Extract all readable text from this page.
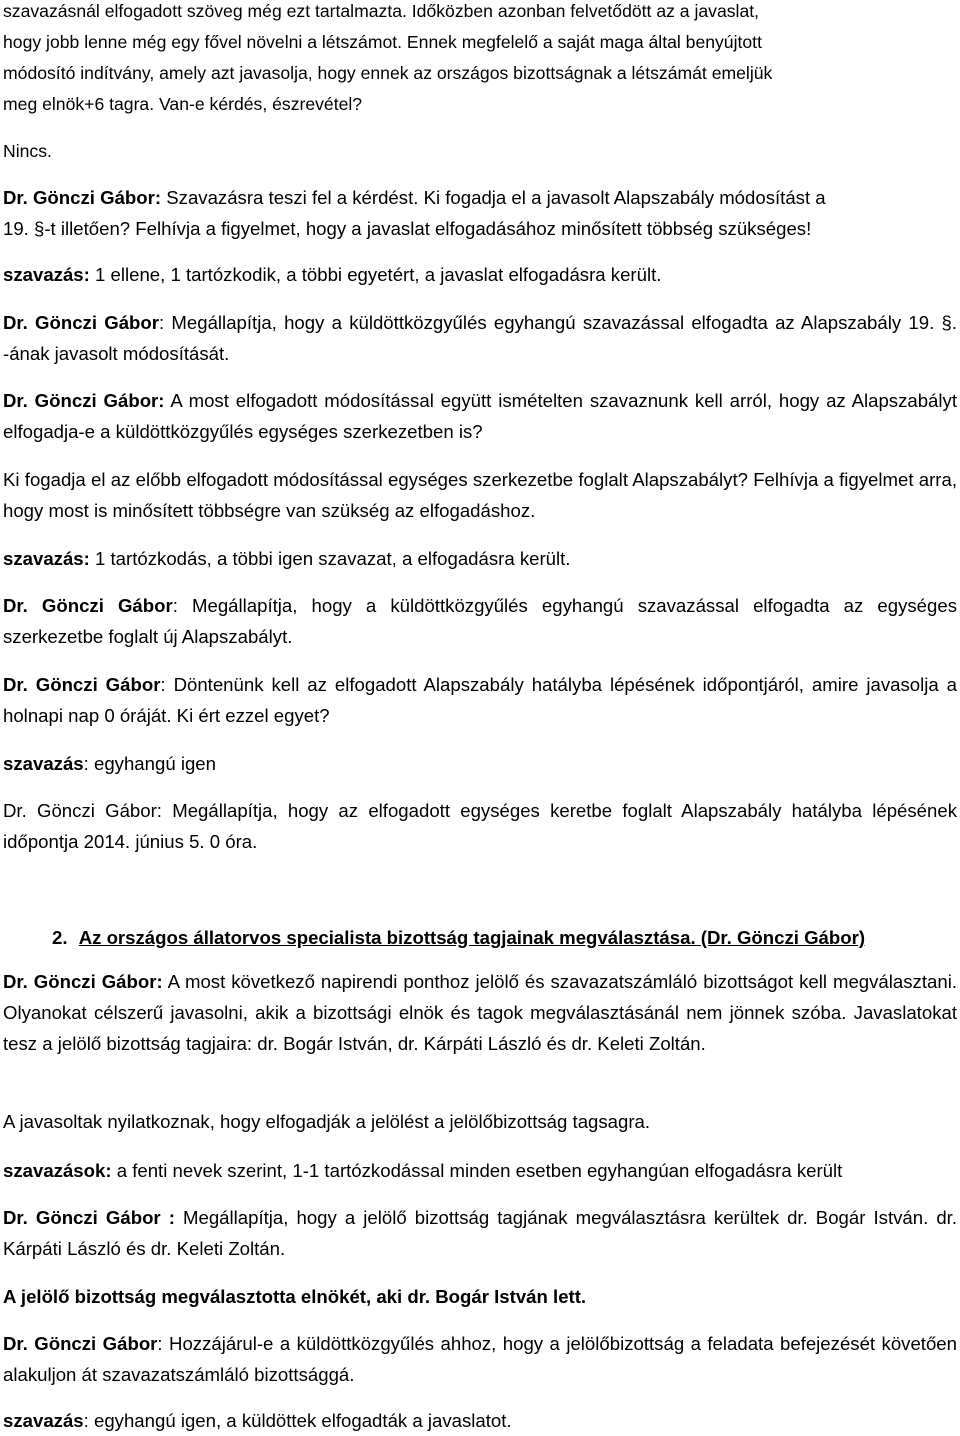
szavazásnál elfogadott szöveg még ezt tartalmazta. Időközben azonban felvetődött az a javaslat,
hogy jobb lenne még egy fővel növelni a létszámot. Ennek megfelelő a saját maga által benyújtott
módosító indítvány, amely azt javasolja, hogy ennek az országos bizottságnak a létszámát emeljük
meg elnök+6 tagra. Van-e kérdés, észrevétel?

Nincs.

Dr. Gönczi Gábor: Szavazásra teszi fel a kérdést. Ki fogadja el a javasolt Alapszabály módosítást a
19. §-t illetően? Felhívja a figyelmet, hogy a javaslat elfogadásához minősített többség szükséges!

szavazás: 1 ellene, 1 tartózkodik, a többi egyetért, a javaslat elfogadásra került.

Dr. Gönczi Gábor: Megállapítja, hogy a küldöttközgyűlés egyhangú szavazással elfogadta az Alapszabály 19. §. -ának javasolt módosítását.

Dr. Gönczi Gábor: A most elfogadott módosítással együtt ismételten szavaznunk kell arról, hogy az Alapszabályt elfogadja-e a küldöttközgyűlés egységes szerkezetben is?

Ki fogadja el az előbb elfogadott módosítással egységes szerkezetbe foglalt Alapszabályt? Felhívja a figyelmet arra, hogy most is minősített többségre van szükség az elfogadáshoz.

szavazás: 1 tartózkodás, a többi igen szavazat, a elfogadásra került.

Dr. Gönczi Gábor: Megállapítja, hogy a küldöttközgyűlés egyhangú szavazással elfogadta az egységes szerkezetbe foglalt új Alapszabályt.

Dr. Gönczi Gábor: Döntenünk kell az elfogadott Alapszabály hatályba lépésének időpontjáról, amire javasolja a holnapi nap 0 óráját. Ki ért ezzel egyet?

szavazás: egyhangú igen

Dr. Gönczi Gábor: Megállapítja, hogy az elfogadott egységes keretbe foglalt Alapszabály hatályba lépésének időpontja 2014. június 5. 0 óra.

2. Az országos állatorvos specialista bizottság tagjainak megválasztása. (Dr. Gönczi Gábor)

Dr. Gönczi Gábor: A most következő napirendi ponthoz jelölő és szavazatszámláló bizottságot kell megválasztani. Olyanokat célszerű javasolni, akik a bizottsági elnök és tagok megválasztásánál nem jönnek szóba. Javaslatokat tesz a jelölő bizottság tagjaira: dr. Bogár István, dr. Kárpáti László és dr. Keleti Zoltán.

A javasoltak nyilatkoznak, hogy elfogadják a jelölést a jelölőbizottság tagsagra.

szavazások: a fenti nevek szerint, 1-1 tartózkodással minden esetben egyhangúan elfogadásra került

Dr. Gönczi Gábor : Megállapítja, hogy a jelölő bizottság tagjának megválasztásra kerültek dr. Bogár István. dr. Kárpáti László és dr. Keleti Zoltán.

A jelölő bizottság megválasztotta elnökét, aki dr. Bogár István lett.

Dr. Gönczi Gábor: Hozzájárul-e a küldöttközgyűlés ahhoz, hogy a jelölőbizottság a feladata befejezését követően alakuljon át szavazatszámláló bizottsággá.

szavazás: egyhangú igen, a küldöttek elfogadták a javaslatot.
